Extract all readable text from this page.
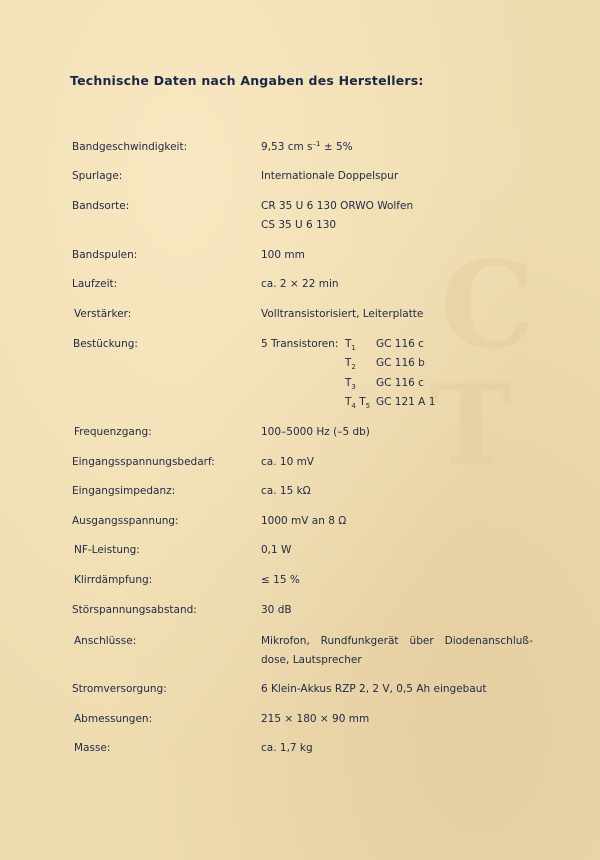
C
T
Technische Daten nach Angaben des Herstellers:
Bandgeschwindigkeit:	9,53 cm $s^{-1} \pm 5\%$
Spurlage:	Internationale Doppelspur
Bandsorte:	CR 35 U 6 130 ORWO Wolfen
CS 35 U 6 130
Bandspulen:	100 mm
Laufzeit:	ca. 2 × 22 min
Verstärker:	Volltransistorisiert, Leiterplatte
Bestückung:	5 Transistoren: $T_1$ GC 116 c
$T_2$ GC 116 b
$T_3$ GC 116 c
$T_4$ $T_5$ GC 121 A 1
Frequenzgang:	100–5000 Hz (–5 db)
Eingangsspannungsbedarf:	ca. 10 mV
Eingangsimpedanz:	ca. 15 kΩ
Ausgangsspannung:	1000 mV an 8 Ω
NF-Leistung:	0,1 W
Klirrdämpfung:	≤ 15 %
Störspannungsabstand:	30 dB
Anschlüsse:	Mikrofon, Rundfunkgerät über Diodenanschluß-
dose, Lautsprecher
Stromversorgung:	6 Klein-Akkus RZP 2, 2 V, 0,5 Ah eingebaut
Abmessungen:	215 × 180 × 90 mm
Masse:	ca. 1,7 kg
